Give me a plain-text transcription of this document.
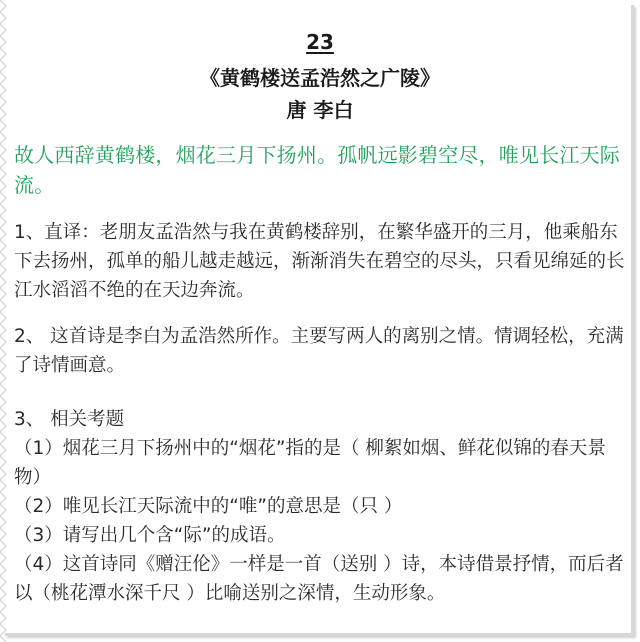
23
《黄鹤楼送孟浩然之广陵》
唐 李白
故人西辞黄鹤楼，烟花三月下扬州。孤帆远影碧空尽，唯见长江天际流。
1、直译：老朋友孟浩然与我在黄鹤楼辞别，在繁华盛开的三月，他乘船东下去扬州，孤单的船儿越走越远，渐渐消失在碧空的尽头，只看见绵延的长江水滔滔不绝的在天边奔流。
2、 这首诗是李白为孟浩然所作。主要写两人的离别之情。情调轻松，充满了诗情画意。
3、 相关考题
（1）烟花三月下扬州中的“烟花”指的是（ 柳絮如烟、鲜花似锦的春天景物）
（2）唯见长江天际流中的“唯”的意思是（只 ）
（3）请写出几个含“际”的成语。
（4）这首诗同《赠汪伦》一样是一首（送别 ）诗，本诗借景抒情，而后者以（桃花潭水深千尺 ）比喻送别之深情，生动形象。
